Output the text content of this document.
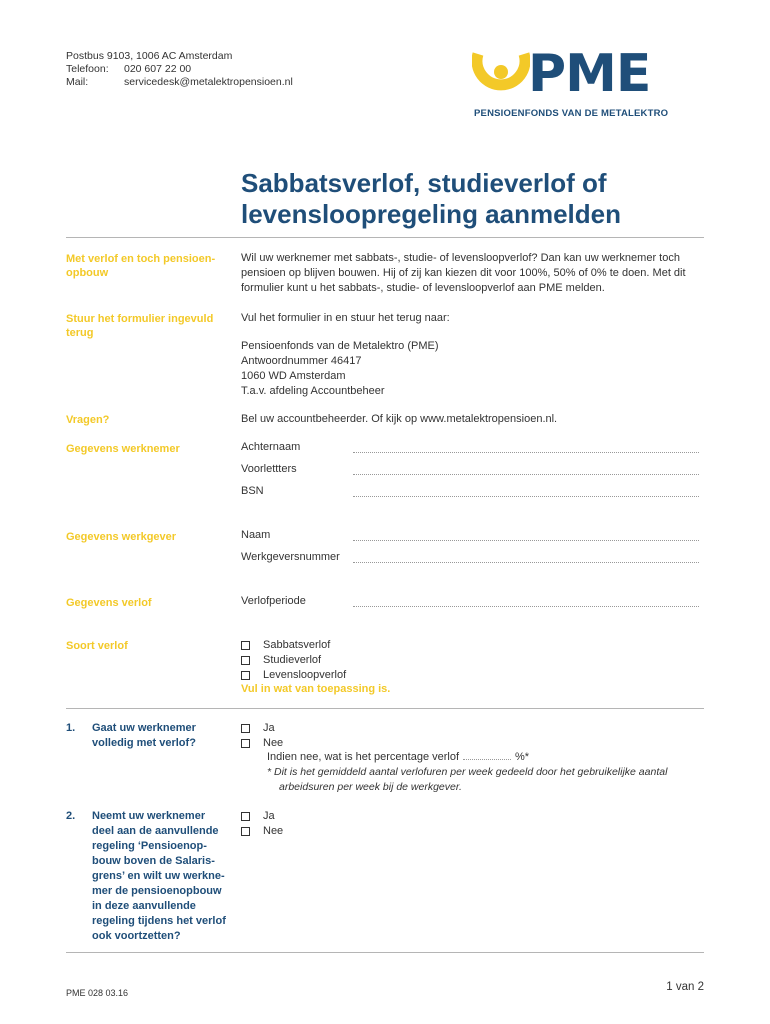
Postbus 9103, 1006 AC Amsterdam
Telefoon:	020 607 22 00
Mail:	servicedesk@metalektropensioen.nl	PME
PENSIOENFONDS VAN DE METALEKTRO
Sabbatsverlof, studieverlof of
levensloopregeling aanmelden
Met verlof en toch pensioen-
opbouw
Wil uw werknemer met sabbats-, studie- of levensloopverlof? Dan kan uw werknemer toch
pensioen op blijven bouwen. Hij of zij kan kiezen dit voor 100%, 50% of 0% te doen. Met dit
formulier kunt u het sabbats-, studie- of levensloopverlof aan PME melden.
Stuur het formulier ingevuld
terug
Vul het formulier in en stuur het terug naar:
Pensioenfonds van de Metalektro (PME)
Antwoordnummer 46417
1060 WD Amsterdam
T.a.v. afdeling Accountbeheer
Vragen?	Bel uw accountbeheerder. Of kijk op www.metalektropensioen.nl.
Gegevens werknemer	Achternaam
Voorlettters
BSN
Gegevens werkgever	Naam
Werkgeversnummer
Gegevens verlof	Verlofperiode
Soort verlof	Sabbatsverlof
Studieverlof
Levensloopverlof
Vul in wat van toepassing is.
1. Gaat uw werknemer
volledig met verlof?
Ja
Nee
Indien nee, wat is het percentage verlof	%*
* Dit is het gemiddeld aantal verlofuren per week gedeeld door het gebruikelijke aantal
arbeidsuren per week bij de werkgever.
2. Neemt uw werknemer
deel aan de aanvullende
regeling ‘Pensioenop-
bouw boven de Salaris-
grens’ en wilt uw werkne-
mer de pensioenopbouw
in deze aanvullende
regeling tijdens het verlof
ook voortzetten?
Ja
Nee
PME 028 03.16	1 van 2
